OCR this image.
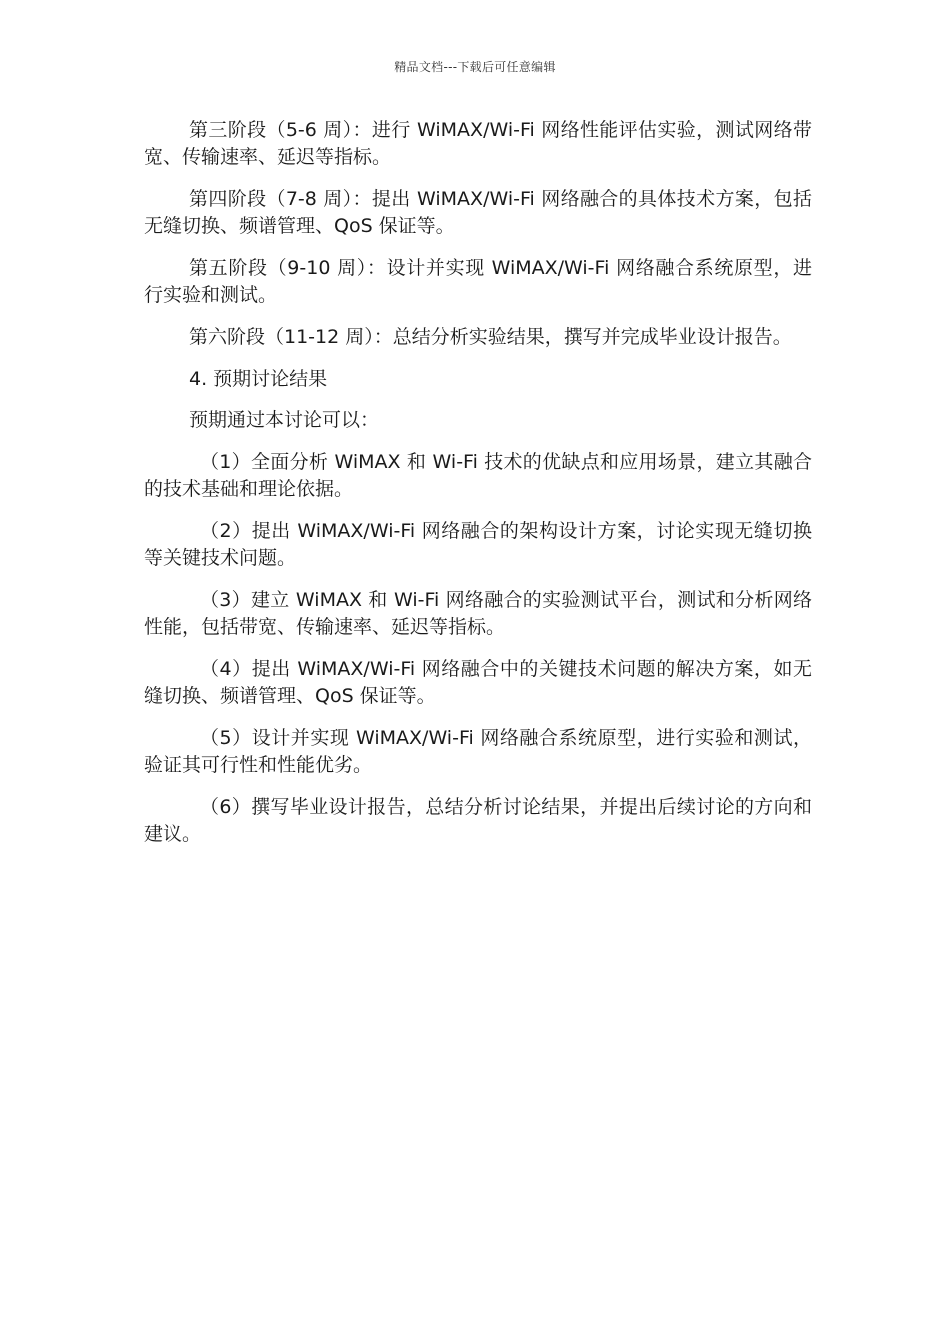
精品文档---下载后可任意编辑

第三阶段（5-6 周）：进行 WiMAX/Wi-Fi 网络性能评估实验，测试网络带宽、传输速率、延迟等指标。

第四阶段（7-8 周）：提出 WiMAX/Wi-Fi 网络融合的具体技术方案，包括无缝切换、频谱管理、QoS 保证等。

第五阶段（9-10 周）：设计并实现 WiMAX/Wi-Fi 网络融合系统原型，进行实验和测试。

第六阶段（11-12 周）：总结分析实验结果，撰写并完成毕业设计报告。

4. 预期讨论结果

预期通过本讨论可以：

（1）全面分析 WiMAX 和 Wi-Fi 技术的优缺点和应用场景，建立其融合的技术基础和理论依据。

（2）提出 WiMAX/Wi-Fi 网络融合的架构设计方案，讨论实现无缝切换等关键技术问题。

（3）建立 WiMAX 和 Wi-Fi 网络融合的实验测试平台，测试和分析网络性能，包括带宽、传输速率、延迟等指标。

（4）提出 WiMAX/Wi-Fi 网络融合中的关键技术问题的解决方案，如无缝切换、频谱管理、QoS 保证等。

（5）设计并实现 WiMAX/Wi-Fi 网络融合系统原型，进行实验和测试，验证其可行性和性能优劣。

（6）撰写毕业设计报告，总结分析讨论结果，并提出后续讨论的方向和建议。
